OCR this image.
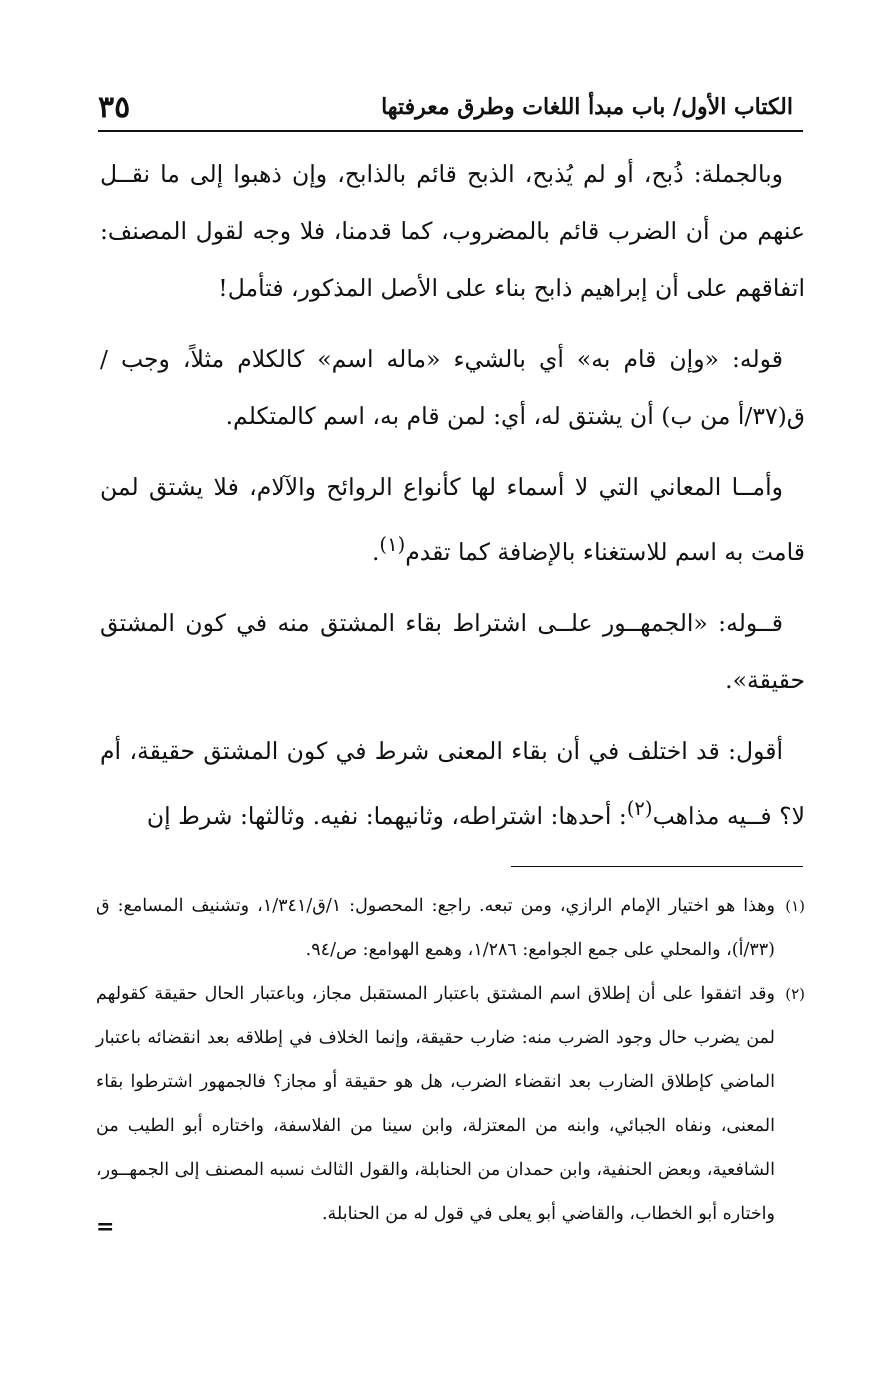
الكتاب الأول/ باب مبدأ اللغات وطرق معرفتها
٣٥

وبالجملة: ذُبح، أو لم يُذبح، الذبح قائم بالذابح، وإن ذهبوا إلى ما نقــل عنهم من أن الضرب قائم بالمضروب، كما قدمنا، فلا وجه لقول المصنف: اتفاقهم على أن إبراهيم ذابح بناء على الأصل المذكور، فتأمل!

قوله: «وإن قام به» أي بالشيء «ماله اسم» كالكلام مثلاً، وجب / ق(٣٧/أ من ب) أن يشتق له، أي: لمن قام به، اسم كالمتكلم.

وأمــا المعاني التي لا أسماء لها كأنواع الروائح والآلام، فلا يشتق لمن قامت به اسم للاستغناء بالإضافة كما تقدم$^{(١)}$.

قــوله: «الجمهــور علــى اشتراط بقاء المشتق منه في كون المشتق حقيقة».

أقول: قد اختلف في أن بقاء المعنى شرط في كون المشتق حقيقة، أم لا؟ فــيه مذاهب$^{(٢)}$: أحدها: اشتراطه، وثانيهما: نفيه. وثالثها: شرط إن

(١)
وهذا هو اختيار الإمام الرازي، ومن تبعه. راجع: المحصول: ١/ق/١/٣٤١، وتشنيف المسامع: ق (٣٣/أ)، والمحلي على جمع الجوامع: ١/٢٨٦، وهمع الهوامع: ص/٩٤.
(٢)
وقد اتفقوا على أن إطلاق اسم المشتق باعتبار المستقبل مجاز، وباعتبار الحال حقيقة كقولهم لمن يضرب حال وجود الضرب منه: ضارب حقيقة، وإنما الخلاف في إطلاقه بعد انقضائه باعتبار الماضي كإطلاق الضارب بعد انقضاء الضرب، هل هو حقيقة أو مجاز؟ فالجمهور اشترطوا بقاء المعنى، ونفاه الجبائي، وابنه من المعتزلة، وابن سينا من الفلاسفة، واختاره أبو الطيب من الشافعية، وبعض الحنفية، وابن حمدان من الحنابلة، والقول الثالث نسبه المصنف إلى الجمهــور، واختاره أبو الخطاب، والقاضي أبو يعلى في قول له من الحنابلة.
=
